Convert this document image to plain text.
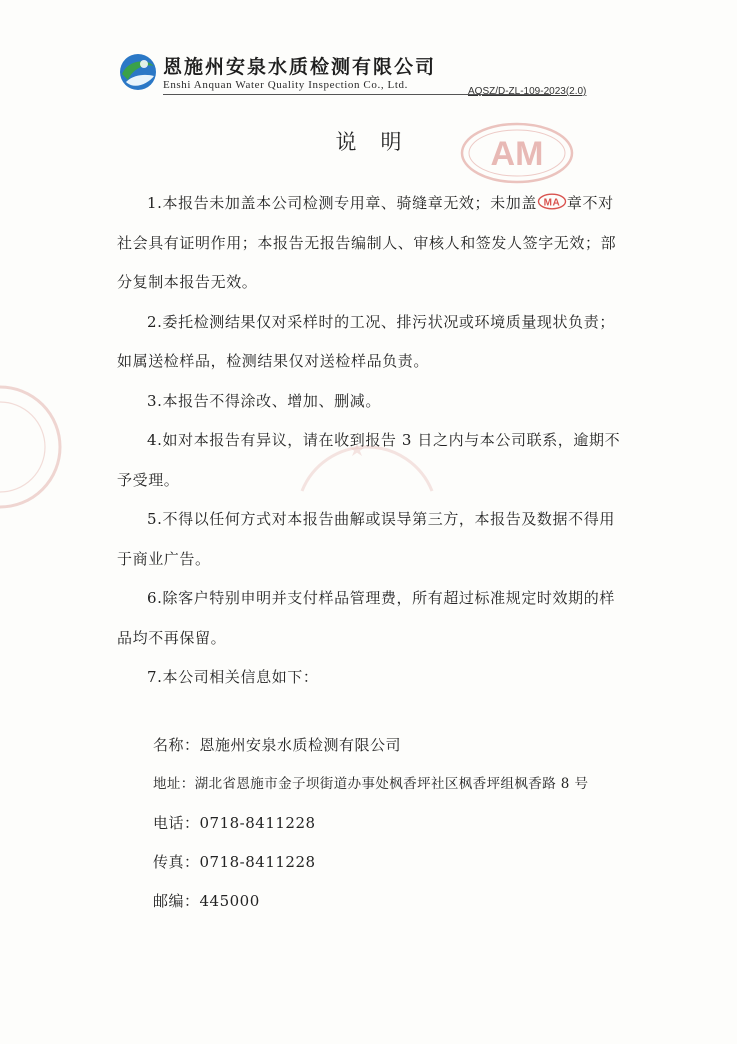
恩施州安泉水质检测有限公司
Enshi Anquan Water Quality Inspection Co., Ltd.
AQSZ/D-ZL-109-2023(2.0)
AM
说明

1.本报告未加盖本公司检测专用章、骑缝章无效；未加盖 MA 章不对社会具有证明作用；本报告无报告编制人、审核人和签发人签字无效；部分复制本报告无效。

2.委托检测结果仅对采样时的工况、排污状况或环境质量现状负责；如属送检样品，检测结果仅对送检样品负责。

3.本报告不得涂改、增加、删减。

4.如对本报告有异议，请在收到报告 3 日之内与本公司联系，逾期不予受理。

5.不得以任何方式对本报告曲解或误导第三方，本报告及数据不得用于商业广告。

6.除客户特别申明并支付样品管理费，所有超过标准规定时效期的样品均不再保留。

7.本公司相关信息如下：

名称：恩施州安泉水质检测有限公司
地址：湖北省恩施市金子坝街道办事处枫香坪社区枫香坪组枫香路 8 号
电话：0718-8411228
传真：0718-8411228
邮编：445000
